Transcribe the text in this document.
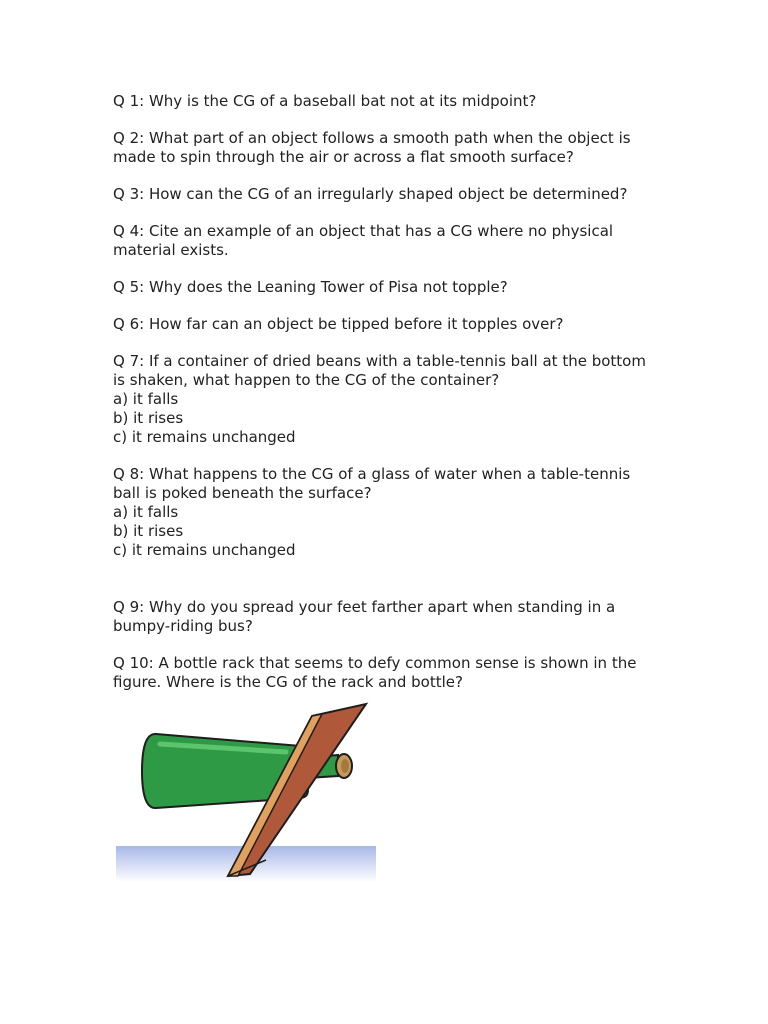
Q 1: Why is the CG of a baseball bat not at its midpoint?
Q 2: What part of an object follows a smooth path when the object is made to spin through the air or across a flat smooth surface?
Q 3: How can the CG of an irregularly shaped object be determined?
Q 4: Cite an example of an object that has a CG where no physical material exists.
Q 5: Why does the Leaning Tower of Pisa not topple?
Q 6: How far can an object be tipped before it topples over?
Q 7: If a container of dried beans with a table-tennis ball at the bottom is shaken, what happen to the CG of the container?
a) it falls
b) it rises
c) it remains unchanged
Q 8: What happens to the CG of a glass of water when a table-tennis ball is poked beneath the surface?
a) it falls
b) it rises
c) it remains unchanged
Q 9: Why do you spread your feet farther apart when standing in a bumpy-riding bus?
Q 10: A bottle rack that seems to defy common sense is shown in the figure. Where is the CG of the rack and bottle?
